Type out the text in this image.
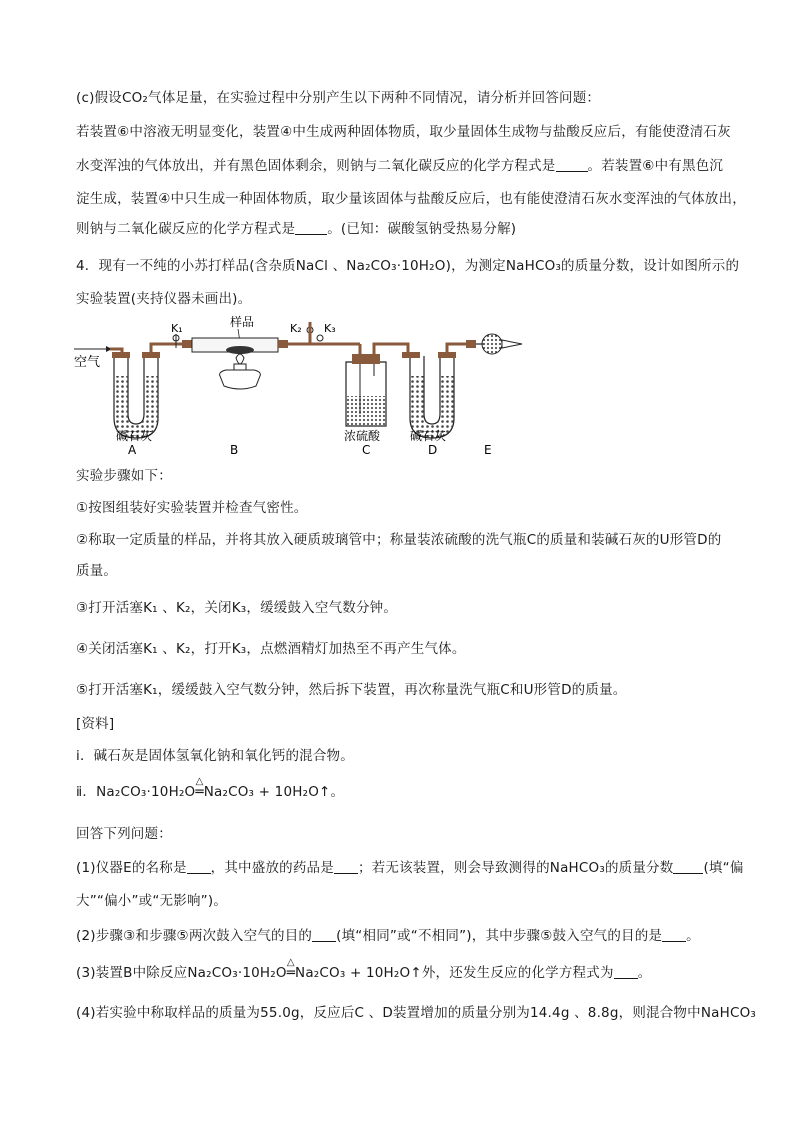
(c)假设CO₂气体足量，在实验过程中分别产生以下两种不同情况，请分析并回答问题：
若装置⑥中溶液无明显变化，装置④中生成两种固体物质，取少量固体生成物与盐酸反应后，有能使澄清石灰
水变浑浊的气体放出，并有黑色固体剩余，则钠与二氧化碳反应的化学方程式是 。若装置⑥中有黑色沉
淀生成，装置④中只生成一种固体物质，取少量该固体与盐酸反应后，也有能使澄清石灰水变浑浊的气体放出，
则钠与二氧化碳反应的化学方程式是 。(已知：碳酸氢钠受热易分解)
4．现有一不纯的小苏打样品(含杂质NaCl 、Na₂CO₃·10H₂O)，为测定NaHCO₃的质量分数，设计如图所示的
实验装置(夹持仪器未画出)。
空气
K₁	样品	K₂ K₃
碱石灰
A	B
浓硫酸
C
碱石灰
D	E
实验步骤如下：
①按图组装好实验装置并检查气密性。
②称取一定质量的样品，并将其放入硬质玻璃管中；称量装浓硫酸的洗气瓶C的质量和装碱石灰的U形管D的
质量。
③打开活塞K₁ 、K₂，关闭K₃，缓缓鼓入空气数分钟。
④关闭活塞K₁ 、K₂，打开K₃，点燃酒精灯加热至不再产生气体。
⑤打开活塞K₁，缓缓鼓入空气数分钟，然后拆下装置，再次称量洗气瓶C和U形管D的质量。
[资料]
ⅰ．碱石灰是固体氢氧化钠和氧化钙的混合物。
ⅱ．Na₂CO₃·10H₂O
△
═Na₂CO₃ + 10H₂O↑。
回答下列问题：
(1)仪器E的名称是 ，其中盛放的药品是 ；若无该装置，则会导致测得的NaHCO₃的质量分数 (填“偏
大”“偏小”或“无影响”)。
(2)步骤③和步骤⑤两次鼓入空气的目的 (填“相同”或“不相同”)，其中步骤⑤鼓入空气的目的是 。
(3)装置B中除反应Na₂CO₃·10H₂O
△
═Na₂CO₃ + 10H₂O↑外，还发生反应的化学方程式为 。
(4)若实验中称取样品的质量为55.0g，反应后C 、D装置增加的质量分别为14.4g 、8.8g，则混合物中NaHCO₃
